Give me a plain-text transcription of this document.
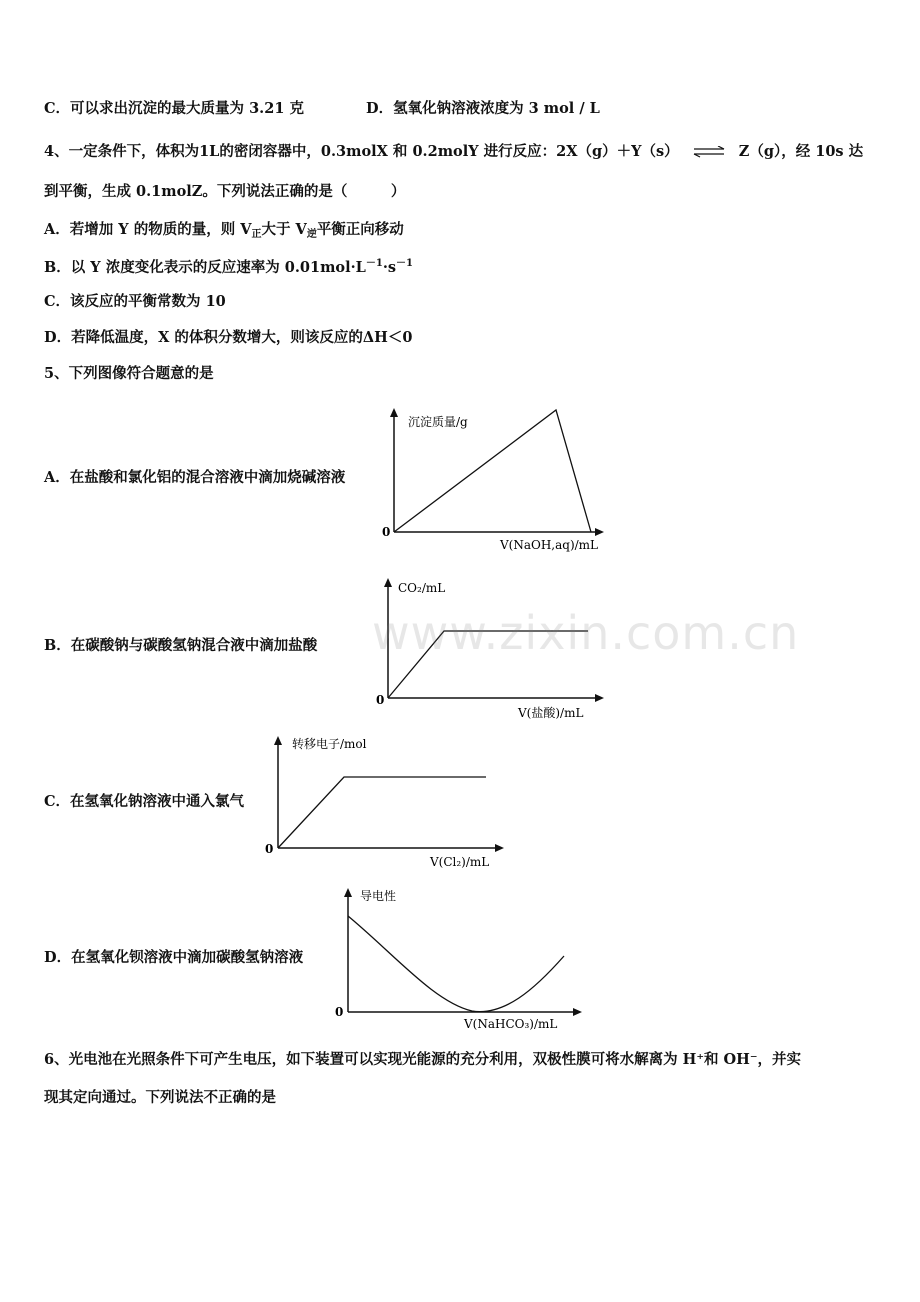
C．可以求出沉淀的最大质量为 3.21 克	D．氢氧化钠溶液浓度为 3 mol / L
4、一定条件下，体积为1L的密闭容器中，0.3molX 和 0.2molY 进行反应：2X（g）＋Y（s） ⇌ Z（g），经 10s 达
到平衡，生成 0.1molZ。下列说法正确的是（　　　）
A．若增加 Y 的物质的量，则 $V_正$大于 $V_逆$平衡正向移动
B．以 Y 浓度变化表示的反应速率为 $0.01mol\cdot L^{-1}\cdot s^{-1}$
C．该反应的平衡常数为 10
D．若降低温度，X 的体积分数增大，则该反应的ΔH＜0
5、下列图像符合题意的是
A．在盐酸和氯化铝的混合溶液中滴加烧碱溶液
沉淀质量/g
0
V(NaOH,aq)/mL
B．在碳酸钠与碳酸氢钠混合液中滴加盐酸
CO₂/mL
0
V(盐酸)/mL
C．在氢氧化钠溶液中通入氯气
转移电子/mol
0
V(Cl₂)/mL
D．在氢氧化钡溶液中滴加碳酸氢钠溶液
导电性
0
V(NaHCO₃)/mL
www.zixin.com.cn
6、光电池在光照条件下可产生电压，如下装置可以实现光能源的充分利用，双极性膜可将水解离为 H⁺和 OH⁻，并实
现其定向通过。下列说法不正确的是
